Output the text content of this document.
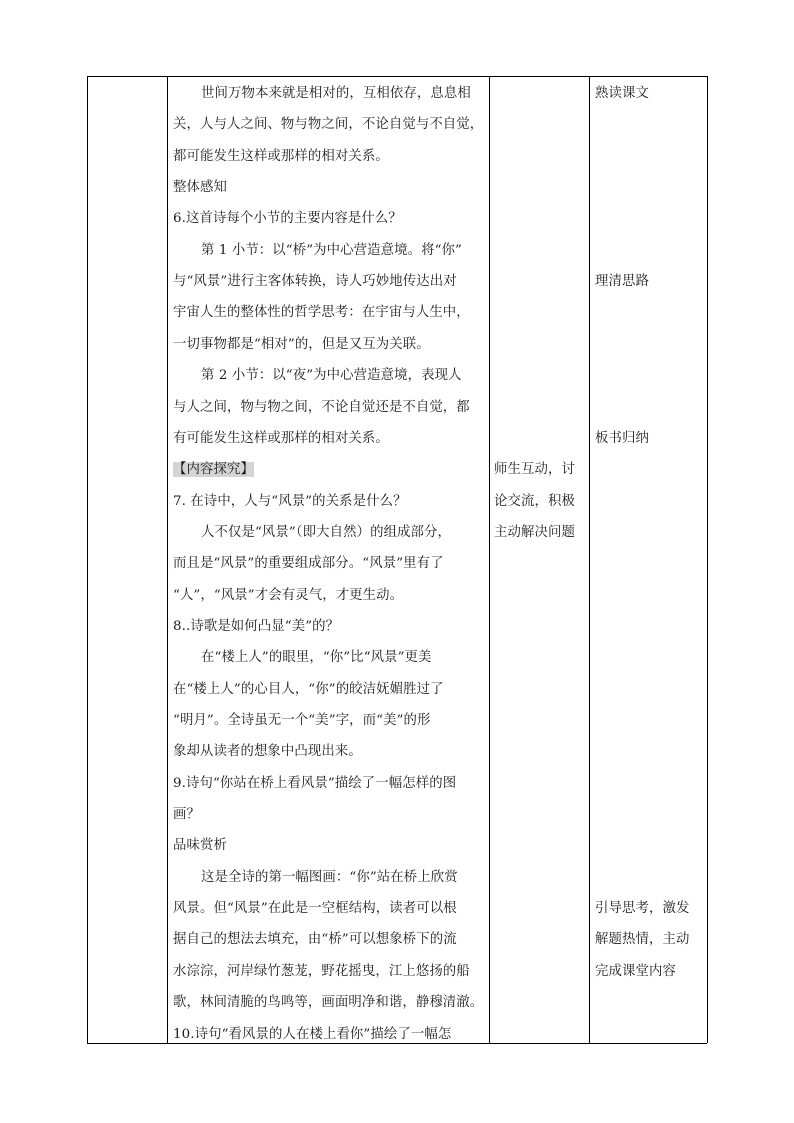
世间万物本来就是相对的，互相依存，息息相
关，人与人之间、物与物之间，不论自觉与不自觉，
都可能发生这样或那样的相对关系。
整体感知
6.这首诗每个小节的主要内容是什么？
第 1 小节：以“桥”为中心营造意境。将“你”
与“风景”进行主客体转换，诗人巧妙地传达出对
宇宙人生的整体性的哲学思考：在宇宙与人生中，
一切事物都是“相对”的，但是又互为关联。
第 2 小节：以“夜”为中心营造意境，表现人
与人之间，物与物之间，不论自觉还是不自觉，都
有可能发生这样或那样的相对关系。
【内容探究】
7. 在诗中，人与“风景”的关系是什么？
人不仅是“风景”（即大自然）的组成部分，
而且是“风景”的重要组成部分。“风景”里有了
“人”，“风景”才会有灵气，才更生动。
8..诗歌是如何凸显“美”的？
在“楼上人”的眼里，“你”比“风景”更美
在“楼上人”的心目人，“你”的皎洁妩媚胜过了
“明月”。全诗虽无一个“美”字，而“美”的形
象却从读者的想象中凸现出来。
9.诗句“你站在桥上看风景”描绘了一幅怎样的图
画？
品味赏析
这是全诗的第一幅图画：“你”站在桥上欣赏
风景。但“风景”在此是一空框结构，读者可以根
据自己的想法去填充，由“桥”可以想象桥下的流
水淙淙，河岸绿竹葱茏，野花摇曳，江上悠扬的船
歌，林间清脆的鸟鸣等，画面明净和谐，静穆清澈。
10.诗句“看风景的人在楼上看你”描绘了一幅怎
师生互动，讨
论交流，积极
主动解决问题
熟读课文
理清思路
板书归纳
引导思考，激发
解题热情，主动
完成课堂内容
